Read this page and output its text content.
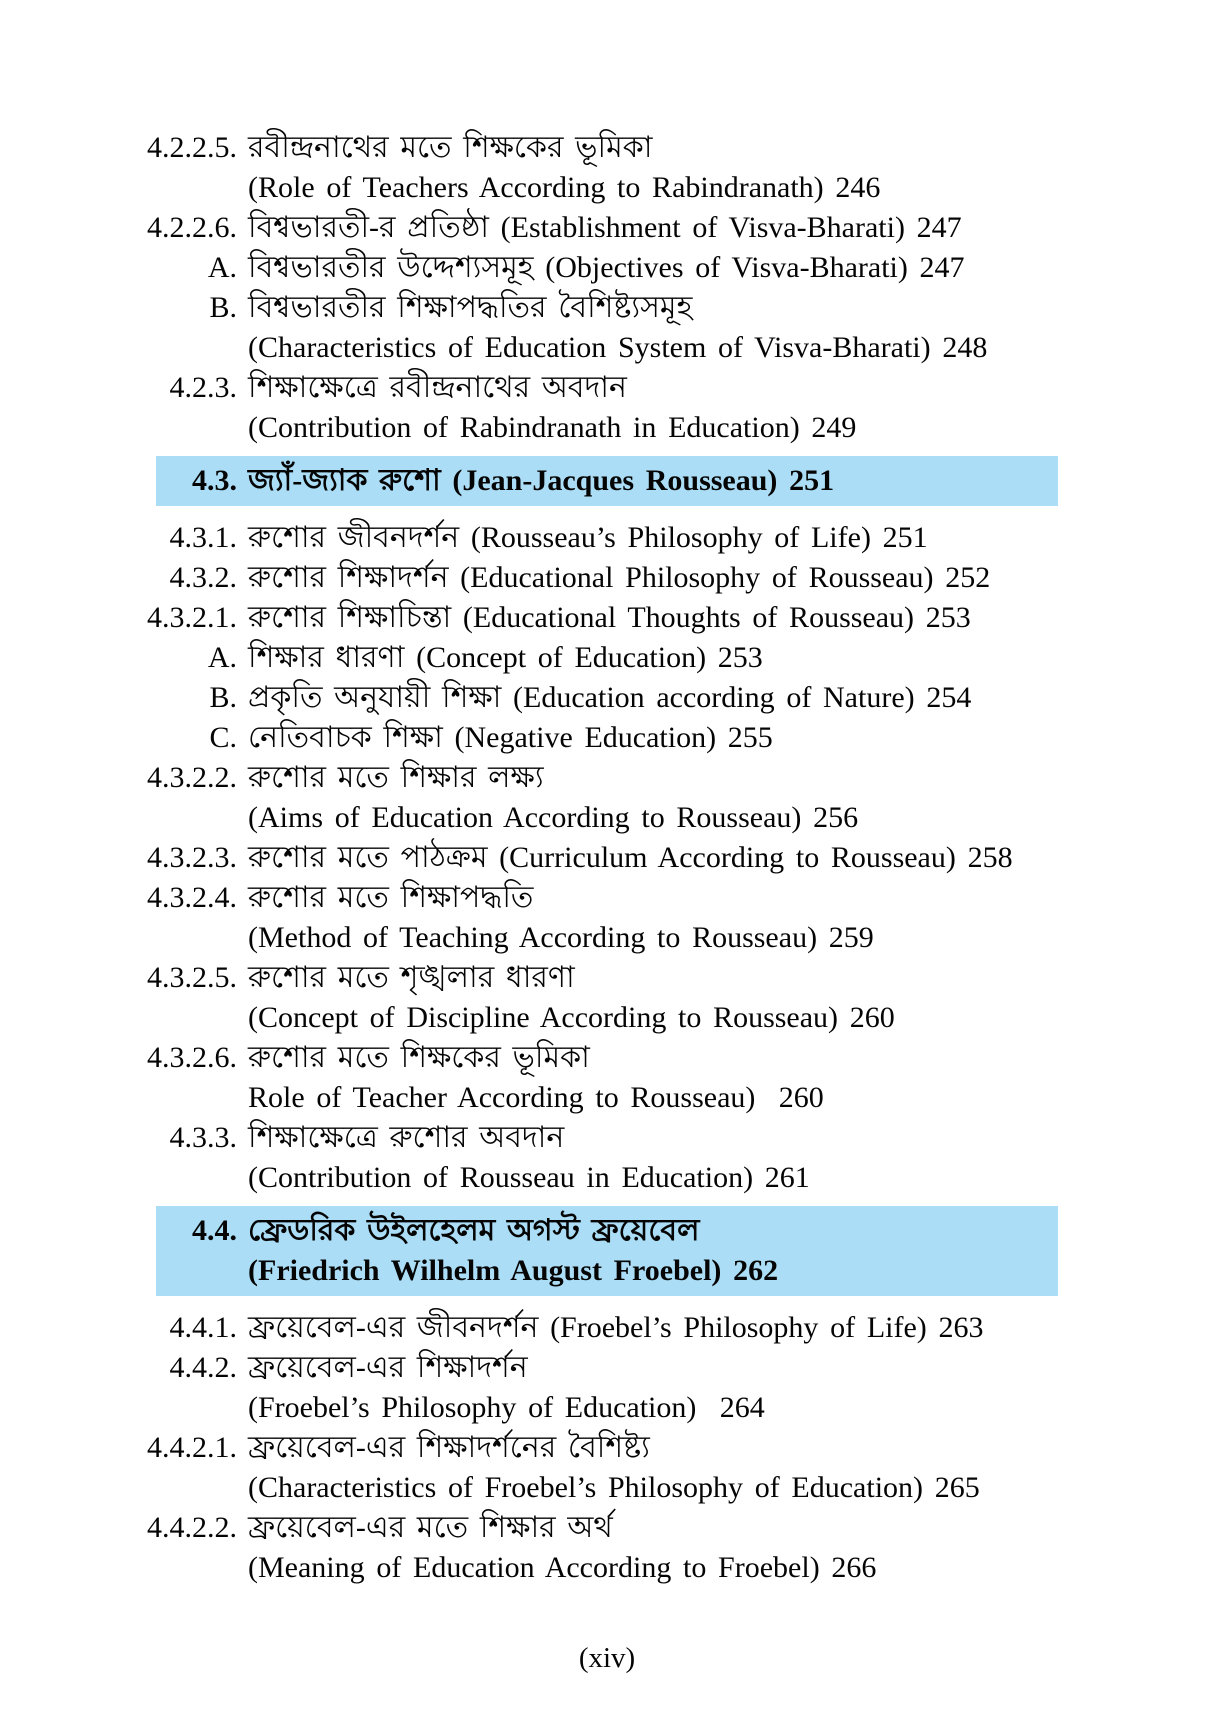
4.2.2.5. রবীন্দ্রনাথের মতে শিক্ষকের ভূমিকা
(Role of Teachers According to Rabindranath) 246
4.2.2.6. বিশ্বভারতী-র প্রতিষ্ঠা (Establishment of Visva-Bharati) 247
A. বিশ্বভারতীর উদ্দেশ্যসমূহ (Objectives of Visva-Bharati) 247
B. বিশ্বভারতীর শিক্ষাপদ্ধতির বৈশিষ্ট্যসমূহ
(Characteristics of Education System of Visva-Bharati) 248
4.2.3. শিক্ষাক্ষেত্রে রবীন্দ্রনাথের অবদান
(Contribution of Rabindranath in Education) 249
4.3. জ্যাঁ-জ্যাক রুশো (Jean-Jacques Rousseau) 251
4.3.1. রুশোর জীবনদর্শন (Rousseau’s Philosophy of Life) 251
4.3.2. রুশোর শিক্ষাদর্শন (Educational Philosophy of Rousseau) 252
4.3.2.1. রুশোর শিক্ষাচিন্তা (Educational Thoughts of Rousseau) 253
A. শিক্ষার ধারণা (Concept of Education) 253
B. প্রকৃতি অনুযায়ী শিক্ষা (Education according of Nature) 254
C. নেতিবাচক শিক্ষা (Negative Education) 255
4.3.2.2. রুশোর মতে শিক্ষার লক্ষ্য
(Aims of Education According to Rousseau) 256
4.3.2.3. রুশোর মতে পাঠক্রম (Curriculum According to Rousseau) 258
4.3.2.4. রুশোর মতে শিক্ষাপদ্ধতি
(Method of Teaching According to Rousseau) 259
4.3.2.5. রুশোর মতে শৃঙ্খলার ধারণা
(Concept of Discipline According to Rousseau) 260
4.3.2.6. রুশোর মতে শিক্ষকের ভূমিকা
Role of Teacher According to Rousseau)  260
4.3.3. শিক্ষাক্ষেত্রে রুশোর অবদান
(Contribution of Rousseau in Education) 261
4.4. ফ্রেডরিক উইলহেলম অগস্ট ফ্রয়েবেল
(Friedrich Wilhelm August Froebel) 262
4.4.1. ফ্রয়েবেল-এর জীবনদর্শন (Froebel’s Philosophy of Life) 263
4.4.2. ফ্রয়েবেল-এর শিক্ষাদর্শন
(Froebel’s Philosophy of Education)  264
4.4.2.1. ফ্রয়েবেল-এর শিক্ষাদর্শনের বৈশিষ্ট্য
(Characteristics of Froebel’s Philosophy of Education) 265
4.4.2.2. ফ্রয়েবেল-এর মতে শিক্ষার অর্থ
(Meaning of Education According to Froebel) 266
(xiv)
